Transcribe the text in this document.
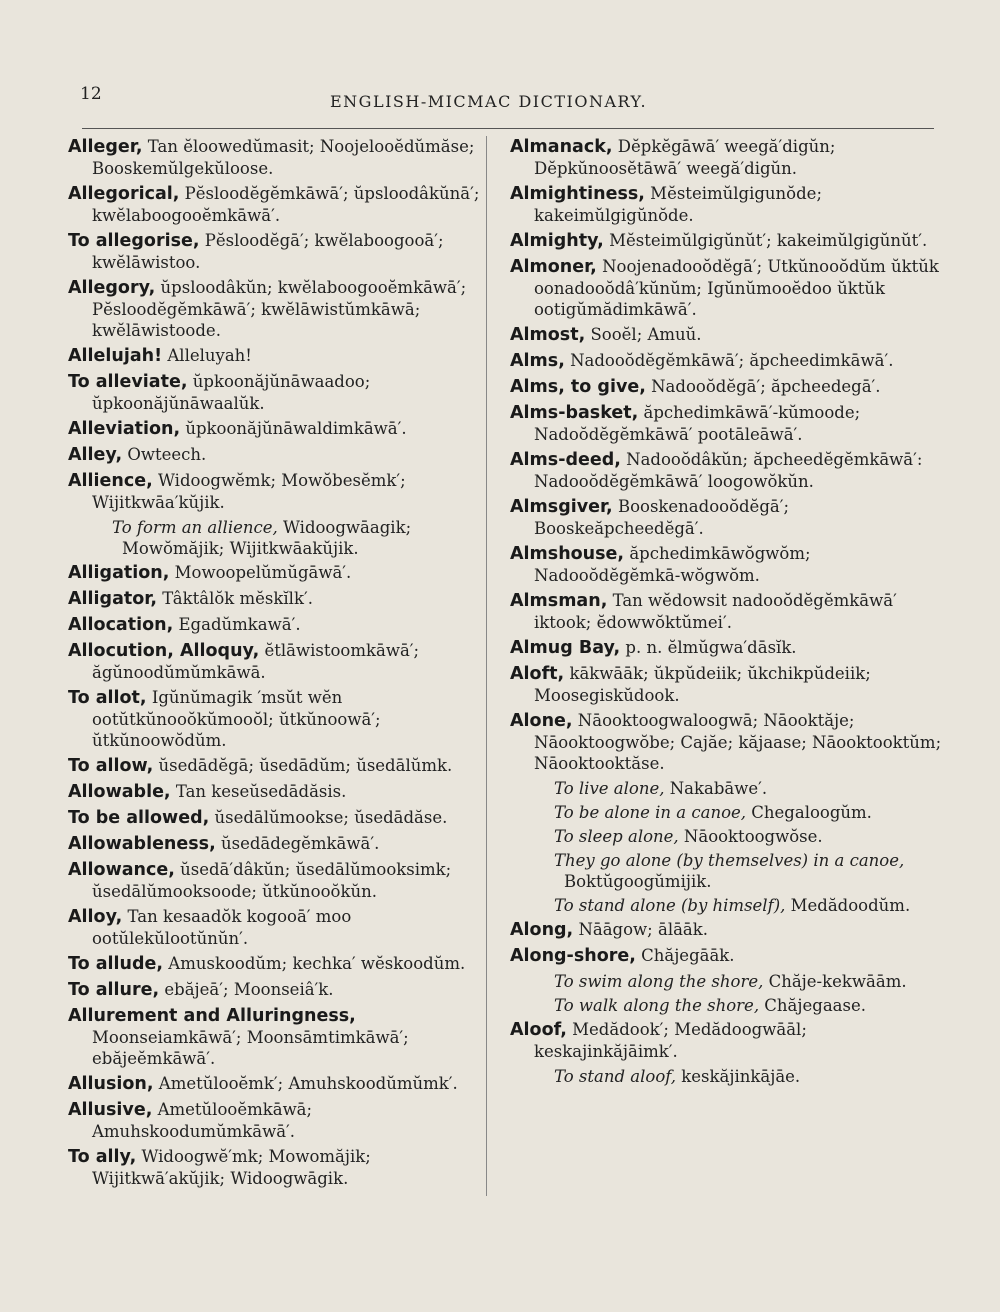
12	ENGLISH-MICMAC DICTIONARY.
Alleger, Tan ĕloowedŭmasit; Noojelooĕdŭmăse; Booskemŭlgekŭloose.
Allegorical, Pĕsloodĕgĕmkāwā′; ŭpsloodâkŭnā′; kwĕlaboogooĕmkāwā′.
To allegorise, Pĕsloodĕgā′; kwĕlaboogooā′; kwĕlāwistoo.
Allegory, ŭpsloodâkŭn; kwĕlaboogooĕmkāwā′; Pĕsloodĕgĕmkāwā′; kwĕlāwistŭmkāwā; kwĕlāwistoode.
Allelujah! Alleluyah!
To alleviate, ŭpkoonăjŭnāwaadoo; ŭpkoonăjŭnāwaalŭk.
Alleviation, ŭpkoonăjŭnāwaldimkāwā′.
Alley, Owteech.
Allience, Widoogwĕmk; Mowŏbesĕmk′; Wijitkwāa′kŭjik.
To form an allience, Widoogwāagik; Mowŏmăjik; Wijitkwāakŭjik.
Alligation, Mowoopelŭmŭgāwā′.
Alligator, Tâktâlŏk mĕskĭlk′.
Allocation, Egadŭmkawā′.
Allocution, Alloquy, ĕtlāwistoomkāwā′; ăgŭnoodŭmŭmkāwā.
To allot, Igŭnŭmagik ′msŭt wĕn ootŭtkŭnooŏkŭmooŏl; ŭtkŭnoowā′; ŭtkŭnoowŏdŭm.
To allow, ŭsedādĕgā; ŭsedādŭm; ŭsedālŭmk.
Allowable, Tan keseŭsedādăsis.
To be allowed, ŭsedālŭmookse; ŭsedādăse.
Allowableness, ŭsedādegĕmkāwā′.
Allowance, ŭsedā′dâkŭn; ŭsedālŭmooksimk; ŭsedālŭmooksoode; ŭtkŭnooŏkŭn.
Alloy, Tan kesaadŏk kogooā′ moo ootŭlekŭlootŭnŭn′.
To allude, Amuskoodŭm; kechka′ wĕskoodŭm.
To allure, ebăjeā′; Moonseiâ′k.
Allurement and Alluringness, Moonseiamkāwā′; Moonsāmtimkāwā′; ebăjeĕmkāwā′.
Allusion, Ametŭlooĕmk′; Amuhskoodŭmŭmk′.
Allusive, Ametŭlooĕmkāwā; Amuhskoodumŭmkāwā′.
To ally, Widoogwĕ′mk; Mowomăjik; Wijitkwā′akŭjik; Widoogwāgik.
Almanack, Dĕpkĕgāwā′ weegă′digŭn; Dĕpkŭnoosĕtāwā′ weegă′digŭn.
Almightiness, Mĕsteimŭlgigunŏde; kakeimŭlgigŭnŏde.
Almighty, Mĕsteimŭlgigŭnŭt′; kakeimŭlgigŭnŭt′.
Almoner, Noojenadooŏdĕgā′; Utkŭnooŏdŭm ŭktŭk oonadooŏdâ′kŭnŭm; Igŭnŭmooĕdoo ŭktŭk ootigŭmădimkāwā′.
Almost, Sooĕl; Amuŭ.
Alms, Nadooŏdĕgĕmkāwā′; ăpcheedimkāwā′.
Alms, to give, Nadooŏdĕgā′; ăpcheedegā′.
Alms-basket, ăpchedimkāwā′-kŭmoode; Nadoŏdĕgĕmkāwā′ pootāleāwā′.
Alms-deed, Nadooŏdâkŭn; ăpcheedĕgĕmkāwā′: Nadooŏdĕgĕmkāwā′ loogowŏkŭn.
Almsgiver, Booskenadooŏdĕgā′; Booskeăpcheedĕgā′.
Almshouse, ăpchedimkāwŏgwŏm; Nadooŏdĕgĕmkā-wŏgwŏm.
Almsman, Tan wĕdowsit nadooŏdĕgĕmkāwā′ iktook; ĕdowwŏktŭmei′.
Almug Bay, p. n. ĕlmŭgwa′dāsĭk.
Aloft, kākwāāk; ŭkpŭdeiik; ŭkchikpŭdeiik; Moosegiskŭdook.
Alone, Nāooktoogwaloogwā; Nāooktăje; Nāooktoogwŏbe; Cajăe; kăjaase; Nāooktooktŭm; Nāooktooktăse.
To live alone, Nakabāwe′.
To be alone in a canoe, Chegaloogŭm.
To sleep alone, Nāooktoogwŏse.
They go alone (by themselves) in a canoe, Boktŭgoogŭmijik.
To stand alone (by himself), Medădoodŭm.
Along, Nāāgow; ālāāk.
Along-shore, Chăjegāāk.
To swim along the shore, Chăje-kekwāām.
To walk along the shore, Chăjegaase.
Aloof, Medădook′; Medădoogwāāl; keskajinkăjāimk′.
To stand aloof, keskăjinkājāe.
